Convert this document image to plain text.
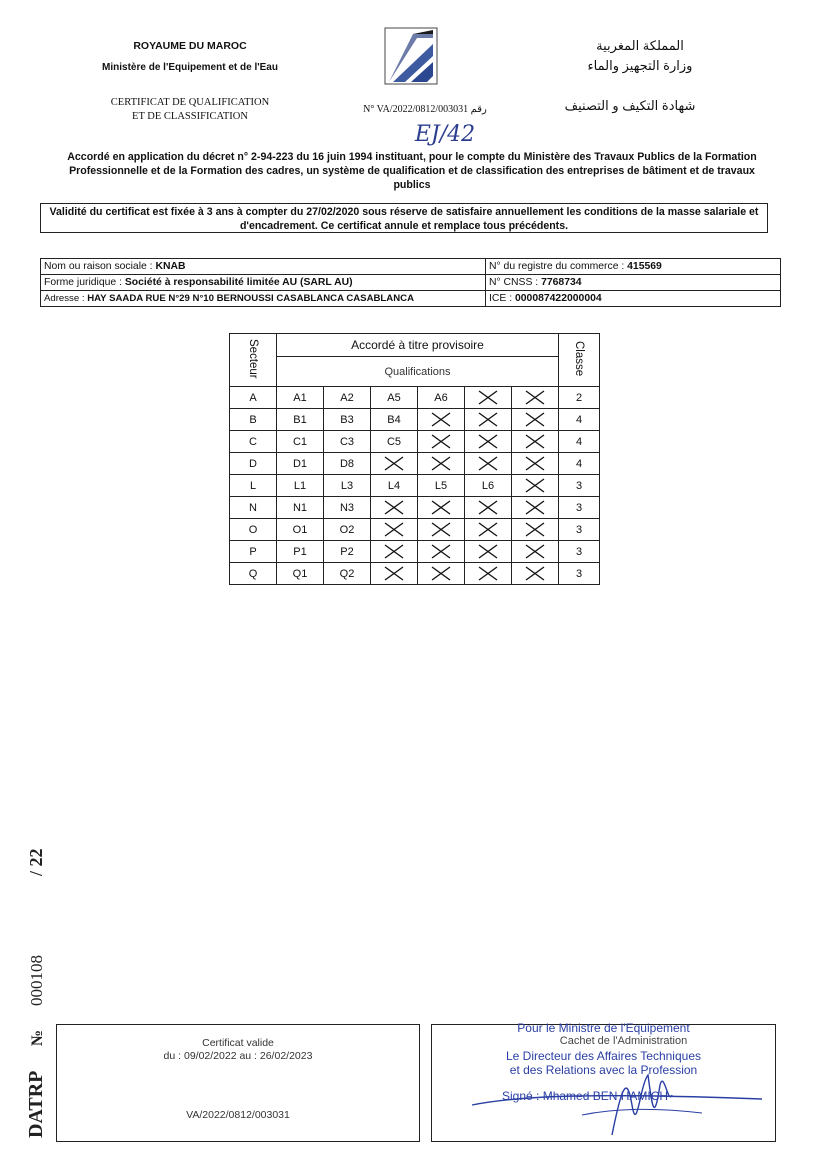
ROYAUME DU MAROC
Ministère de l'Equipement et de l'Eau
CERTIFICAT DE QUALIFICATION
ET DE CLASSIFICATION
المملكة المغربية
وزارة التجهيز والماء
شهادة التكيف و التصنيف
N° VA/2022/0812/003031 رقم
EJ/42
Accordé en application du décret n° 2-94-223 du 16 juin 1994 instituant, pour le compte du Ministère des Travaux Publics de la Formation Professionnelle et de la Formation des cadres, un système de qualification et de classification des entreprises de bâtiment et de travaux publics
Validité du certificat est fixée à 3 ans à compter du 27/02/2020 sous réserve de satisfaire annuellement les conditions de la masse salariale et d'encadrement. Ce certificat annule et remplace tous précédents.
Nom ou raison sociale : KNAB	N° du registre du commerce : 415569
Forme juridique : Société à responsabilité limitée AU (SARL AU)	N° CNSS : 7768734
Adresse : HAY SAADA RUE N°29 N°10 BERNOUSSI CASABLANCA CASABLANCA	ICE : 000087422000004
Secteur	Accordé à titre provisoire						Classe
	Qualifications						
A	A1	A2	A5	A6			2
B	B1	B3	B4				4
C	C1	C3	C5				4
D	D1	D8					4
L	L1	L3	L4	L5	L6		3
N	N1	N3					3
O	O1	O2					3
P	P1	P2					3
Q	Q1	Q2					3
DATRP
№
000108
/ 22
Certificat valide
du : 09/02/2022 au : 26/02/2023
VA/2022/0812/003031
Pour le Ministre de l'Equipement
Cachet de l'Administration
Le Directeur des Affaires Techniques
et des Relations avec la Profession
Signé : Mhamed BEN HAMICH
